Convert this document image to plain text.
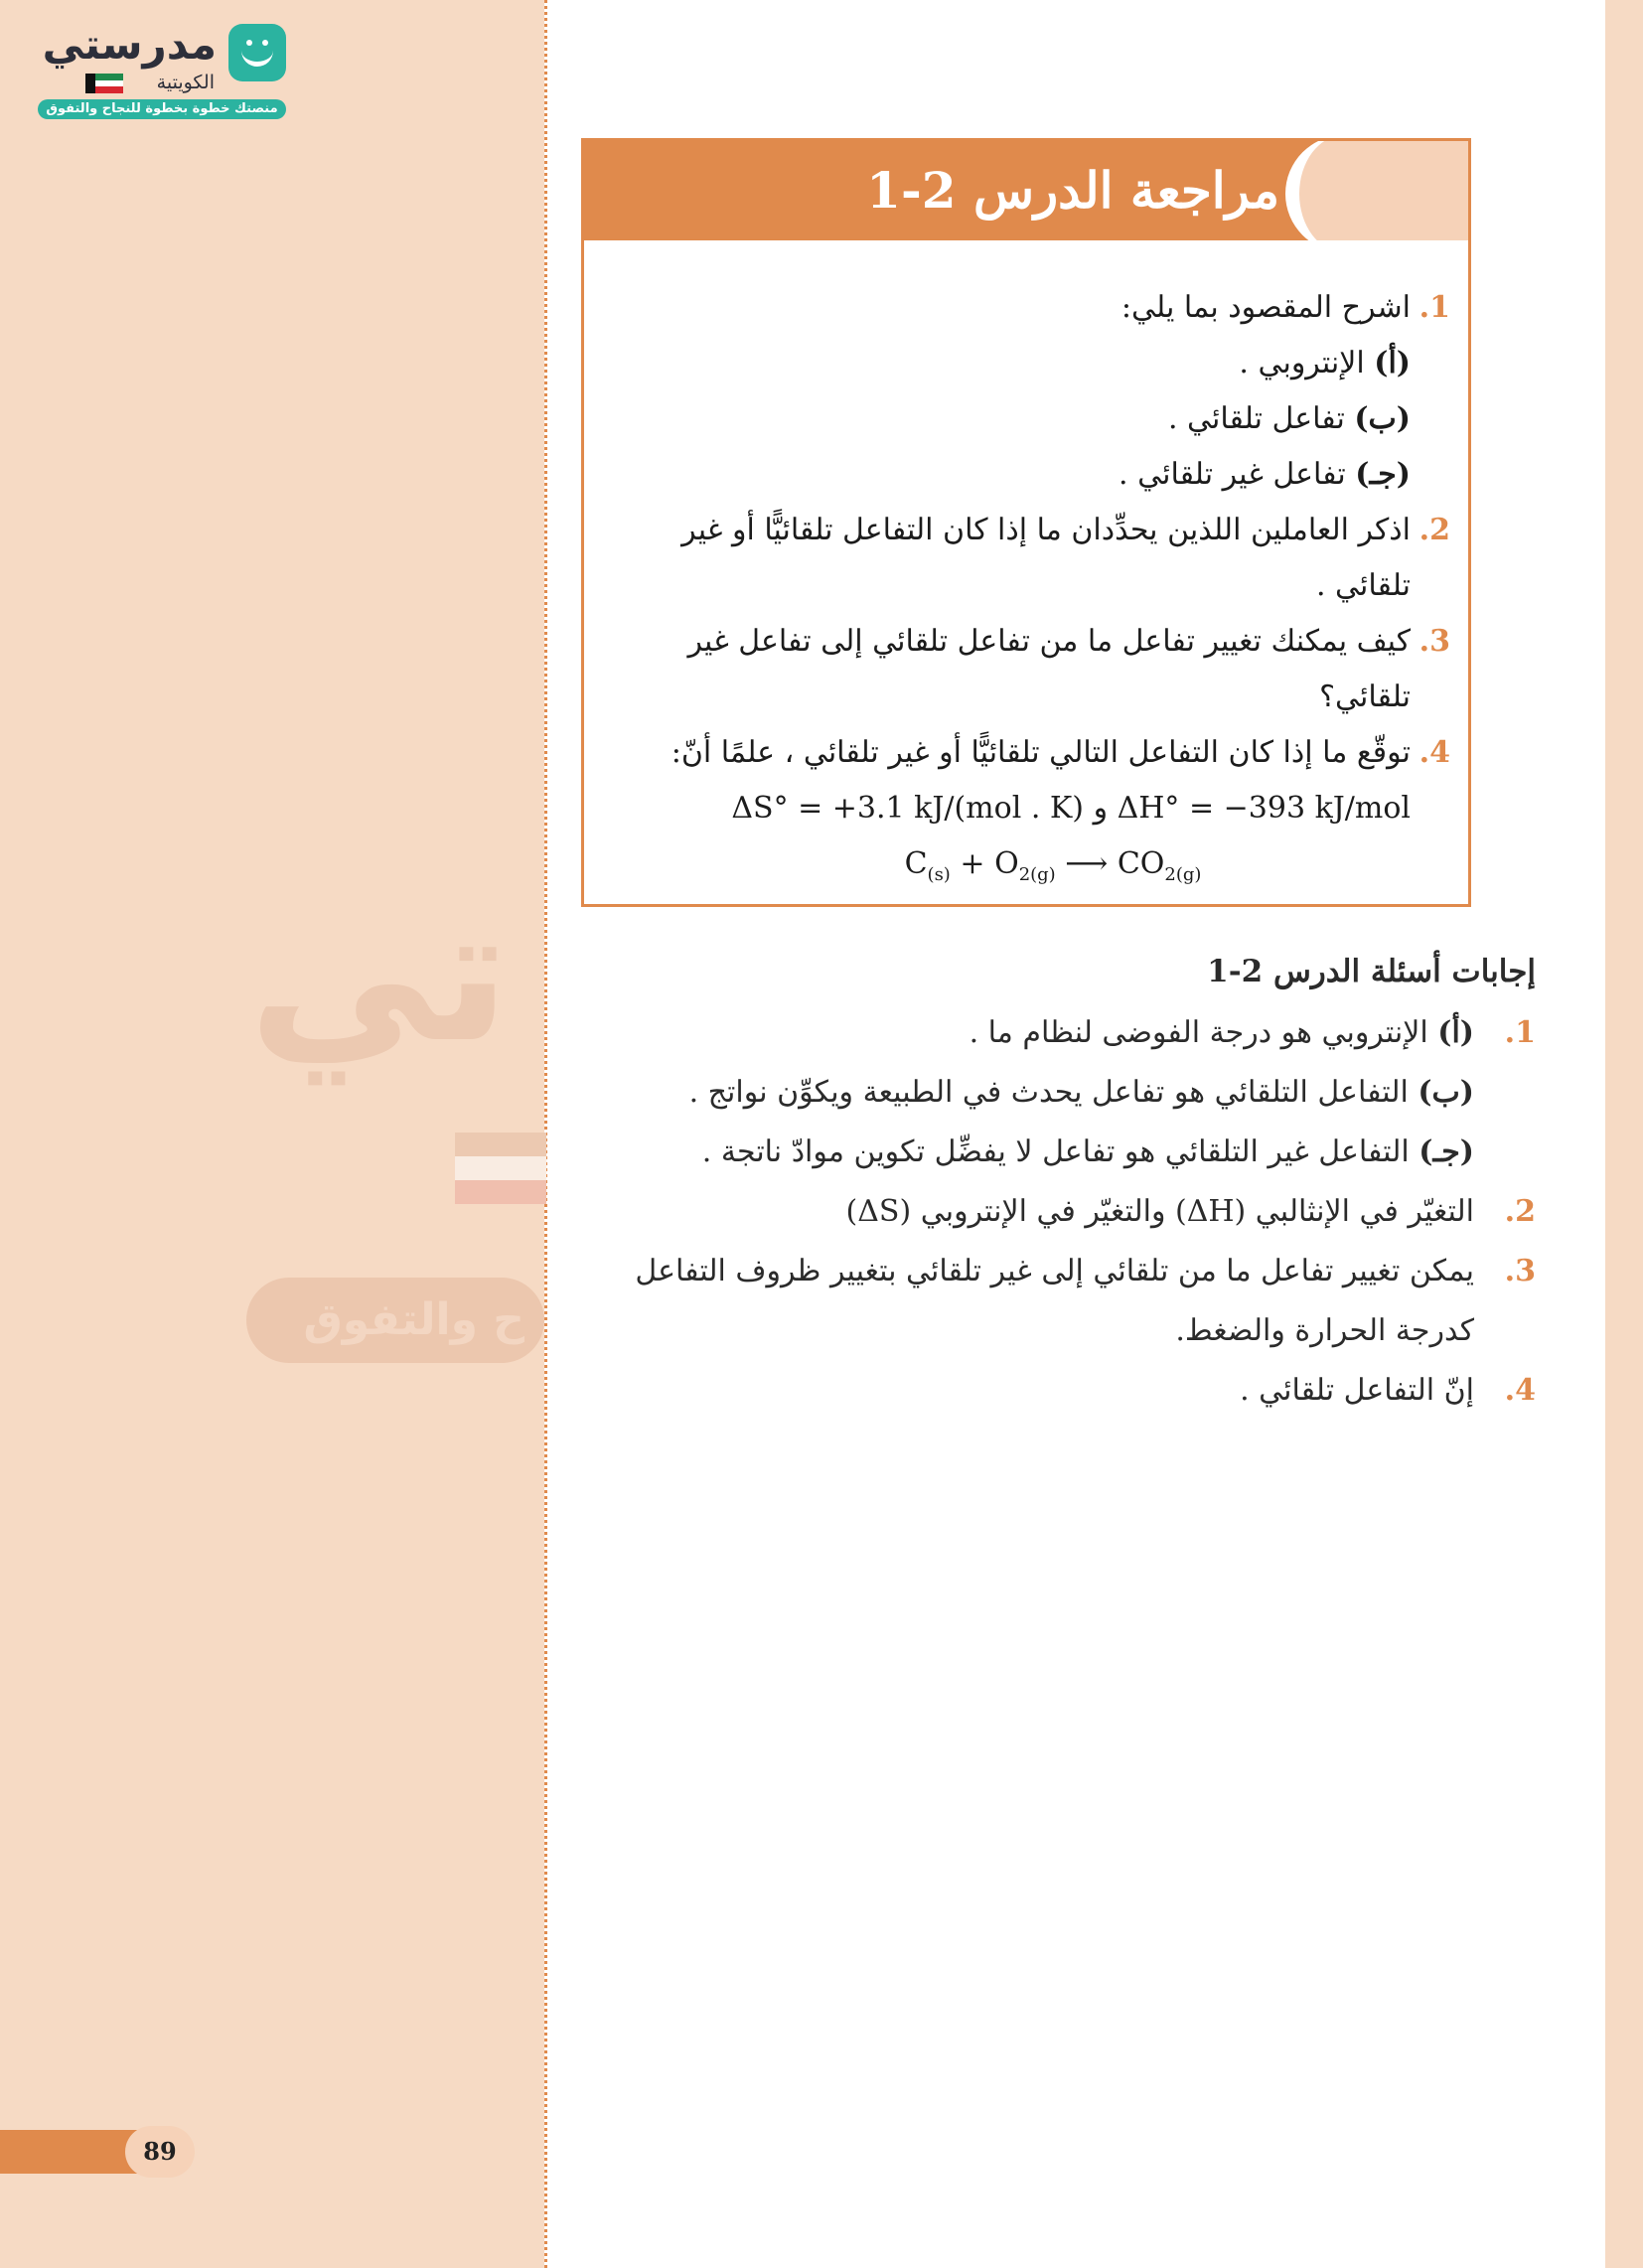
مدرستي
الكويتية
منصتك خطوة بخطوة للنجاح والتفوق
تي
ح والتفوق
مراجعة الدرس 2-1
1.
اشرح المقصود بما يلي:
(أ) الإنتروبي .
(ب) تفاعل تلقائي .
(جـ) تفاعل غير تلقائي .
2.
اذكر العاملين اللذين يحدِّدان ما إذا كان التفاعل تلقائيًّا أو غير تلقائي .
3.
كيف يمكنك تغيير تفاعل ما من تفاعل تلقائي إلى تفاعل غير تلقائي؟
4.
توقّع ما إذا كان التفاعل التالي تلقائيًّا أو غير تلقائي ، علمًا أنّ:
ΔS° = +3.1 kJ/(mol . K) و ΔH° = −393 kJ/mol
$C_{(s)} + O_{2(g)}$ ⟶ $CO_{2(g)}$
إجابات أسئلة الدرس 2-1
1.
(أ) الإنتروبي هو درجة الفوضى لنظام ما .
(ب) التفاعل التلقائي هو تفاعل يحدث في الطبيعة ويكوِّن نواتج .
(جـ) التفاعل غير التلقائي هو تفاعل لا يفضِّل تكوين موادّ ناتجة .
2.
التغيّر في الإنثالبي (ΔH) والتغيّر في الإنتروبي (ΔS)
3.
يمكن تغيير تفاعل ما من تلقائي إلى غير تلقائي بتغيير ظروف التفاعل كدرجة الحرارة والضغط.
4.
إنّ التفاعل تلقائي .
89
